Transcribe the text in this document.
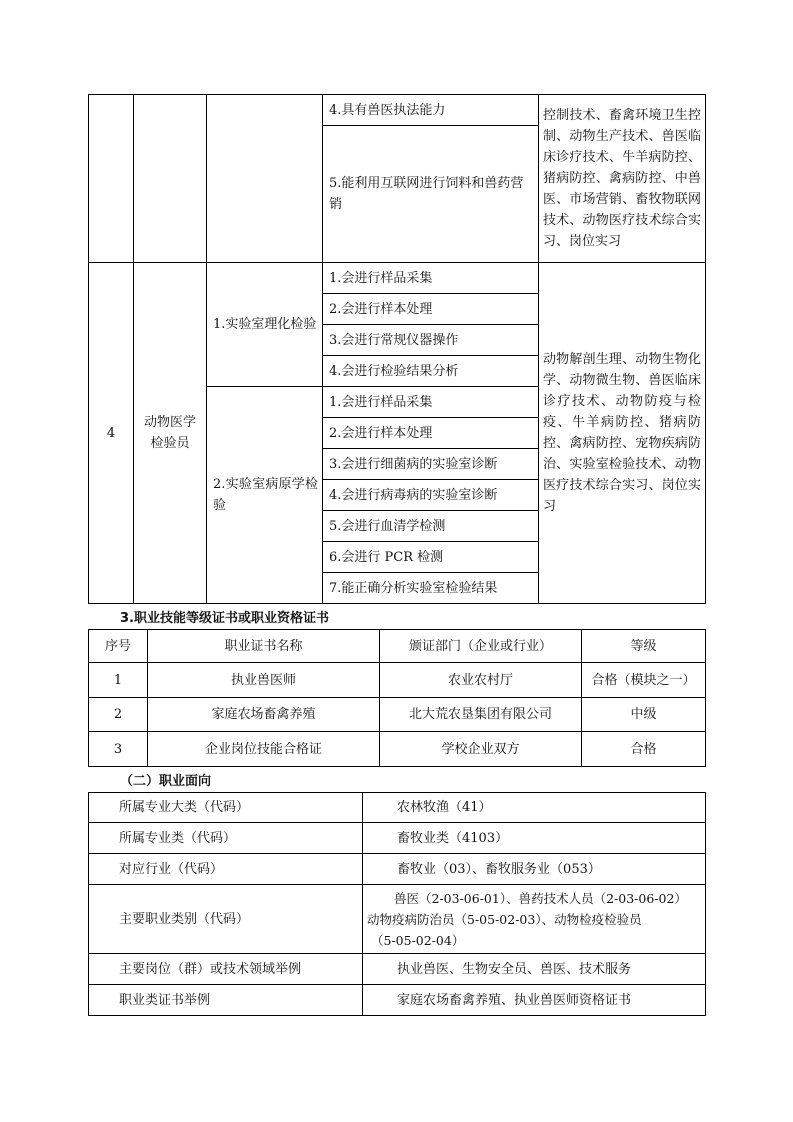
			4.具有兽医执法能力	控制技术、畜禽环境卫生控制、动物生产技术、兽医临床诊疗技术、牛羊病防控、猪病防控、禽病防控、中兽医、市场营销、畜牧物联网技术、动物医疗技术综合实习、岗位实习
			5.能利用互联网进行饲料和兽药营销	
4	动物医学检验员	1.实验室理化检验	1.会进行样品采集	动物解剖生理、动物生物化学、动物微生物、兽医临床诊疗技术、动物防疫与检疫、牛羊病防控、猪病防控、禽病防控、宠物疾病防治、实验室检验技术、动物医疗技术综合实习、岗位实习
			2.会进行样本处理	
			3.会进行常规仪器操作	
			4.会进行检验结果分析	
		2.实验室病原学检验	1.会进行样品采集	
			2.会进行样本处理	
			3.会进行细菌病的实验室诊断	
			4.会进行病毒病的实验室诊断	
			5.会进行血清学检测	
			6.会进行 PCR 检测	
			7.能正确分析实验室检验结果	

3.职业技能等级证书或职业资格证书

序号	职业证书名称	颁证部门（企业或行业）	等级
1	执业兽医师	农业农村厅	合格（模块之一）
2	家庭农场畜禽养殖	北大荒农垦集团有限公司	中级
3	企业岗位技能合格证	学校企业双方	合格

（二）职业面向

所属专业大类（代码）	农林牧渔（41）
所属专业类（代码）	畜牧业类（4103）
对应行业（代码）	畜牧业（03）、畜牧服务业（053）
主要职业类别（代码）	兽医（2-03-06-01）、兽药技术人员（2-03-06-02）
动物疫病防治员（5-05-02-03）、动物检疫检验员
（5-05-02-04）

主要岗位（群）或技术领域举例	执业兽医、生物安全员、兽医、技术服务
职业类证书举例	家庭农场畜禽养殖、执业兽医师资格证书
